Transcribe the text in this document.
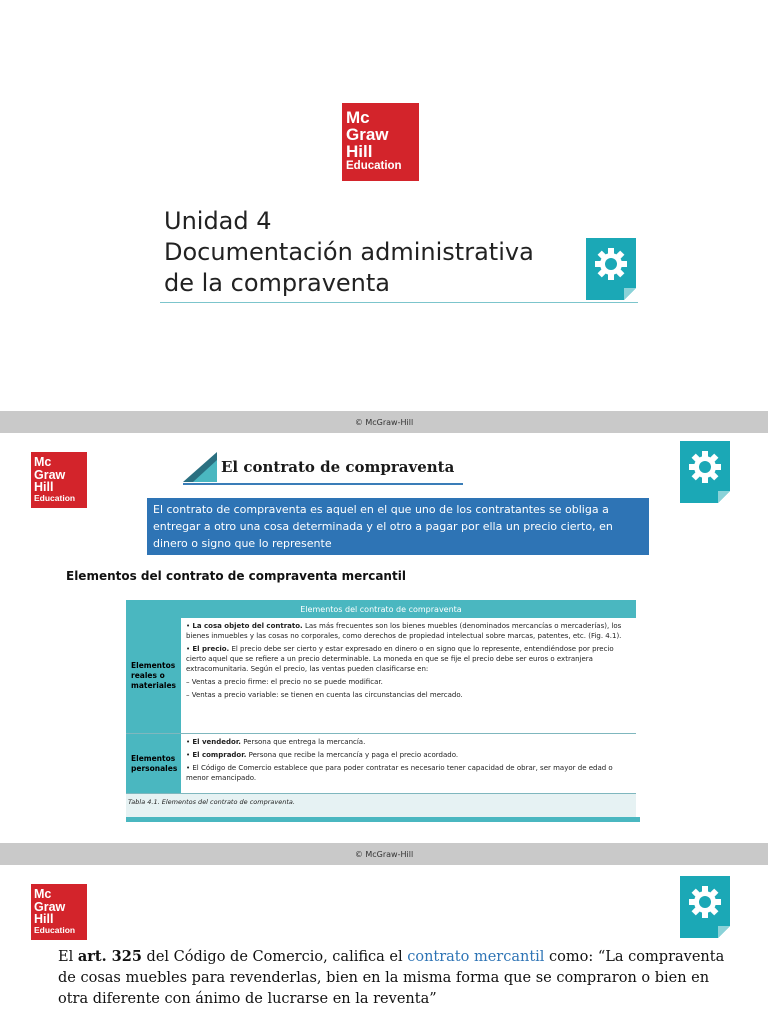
Mc
Graw
Hill
Education
Unidad 4
Documentación administrativa
de la compraventa
© McGraw-Hill
Mc
Graw
Hill
Education
El contrato de compraventa
El contrato de compraventa es aquel en el que uno de los contratantes se obliga a entregar a otro una cosa determinada y el otro a pagar por ella un precio cierto, en dinero o signo que lo represente
Elementos del contrato de compraventa mercantil
Elementos del contrato de compraventa
Elementos reales o materiales

• La cosa objeto del contrato. Las más frecuentes son los bienes muebles (denominados mercancías o mercaderías), los bienes inmuebles y las cosas no corporales, como derechos de propiedad intelectual sobre marcas, patentes, etc. (Fig. 4.1).

• El precio. El precio debe ser cierto y estar expresado en dinero o en signo que lo represente, entendiéndose por precio cierto aquel que se refiere a un precio determinable. La moneda en que se fije el precio debe ser euros o extranjera extracomunitaria. Según el precio, las ventas pueden clasificarse en:

– Ventas a precio firme: el precio no se puede modificar.

– Ventas a precio variable: se tienen en cuenta las circunstancias del mercado.

Elementos personales

• El vendedor. Persona que entrega la mercancía.

• El comprador. Persona que recibe la mercancía y paga el precio acordado.

• El Código de Comercio establece que para poder contratar es necesario tener capacidad de obrar, ser mayor de edad o menor emancipado.

Tabla 4.1. Elementos del contrato de compraventa.
© McGraw-Hill
Mc
Graw
Hill
Education
El art. 325 del Código de Comercio, califica el contrato mercantil como: “La compraventa de cosas muebles para revenderlas, bien en la misma forma que se compraron o bien en otra diferente con ánimo de lucrarse en la reventa”
